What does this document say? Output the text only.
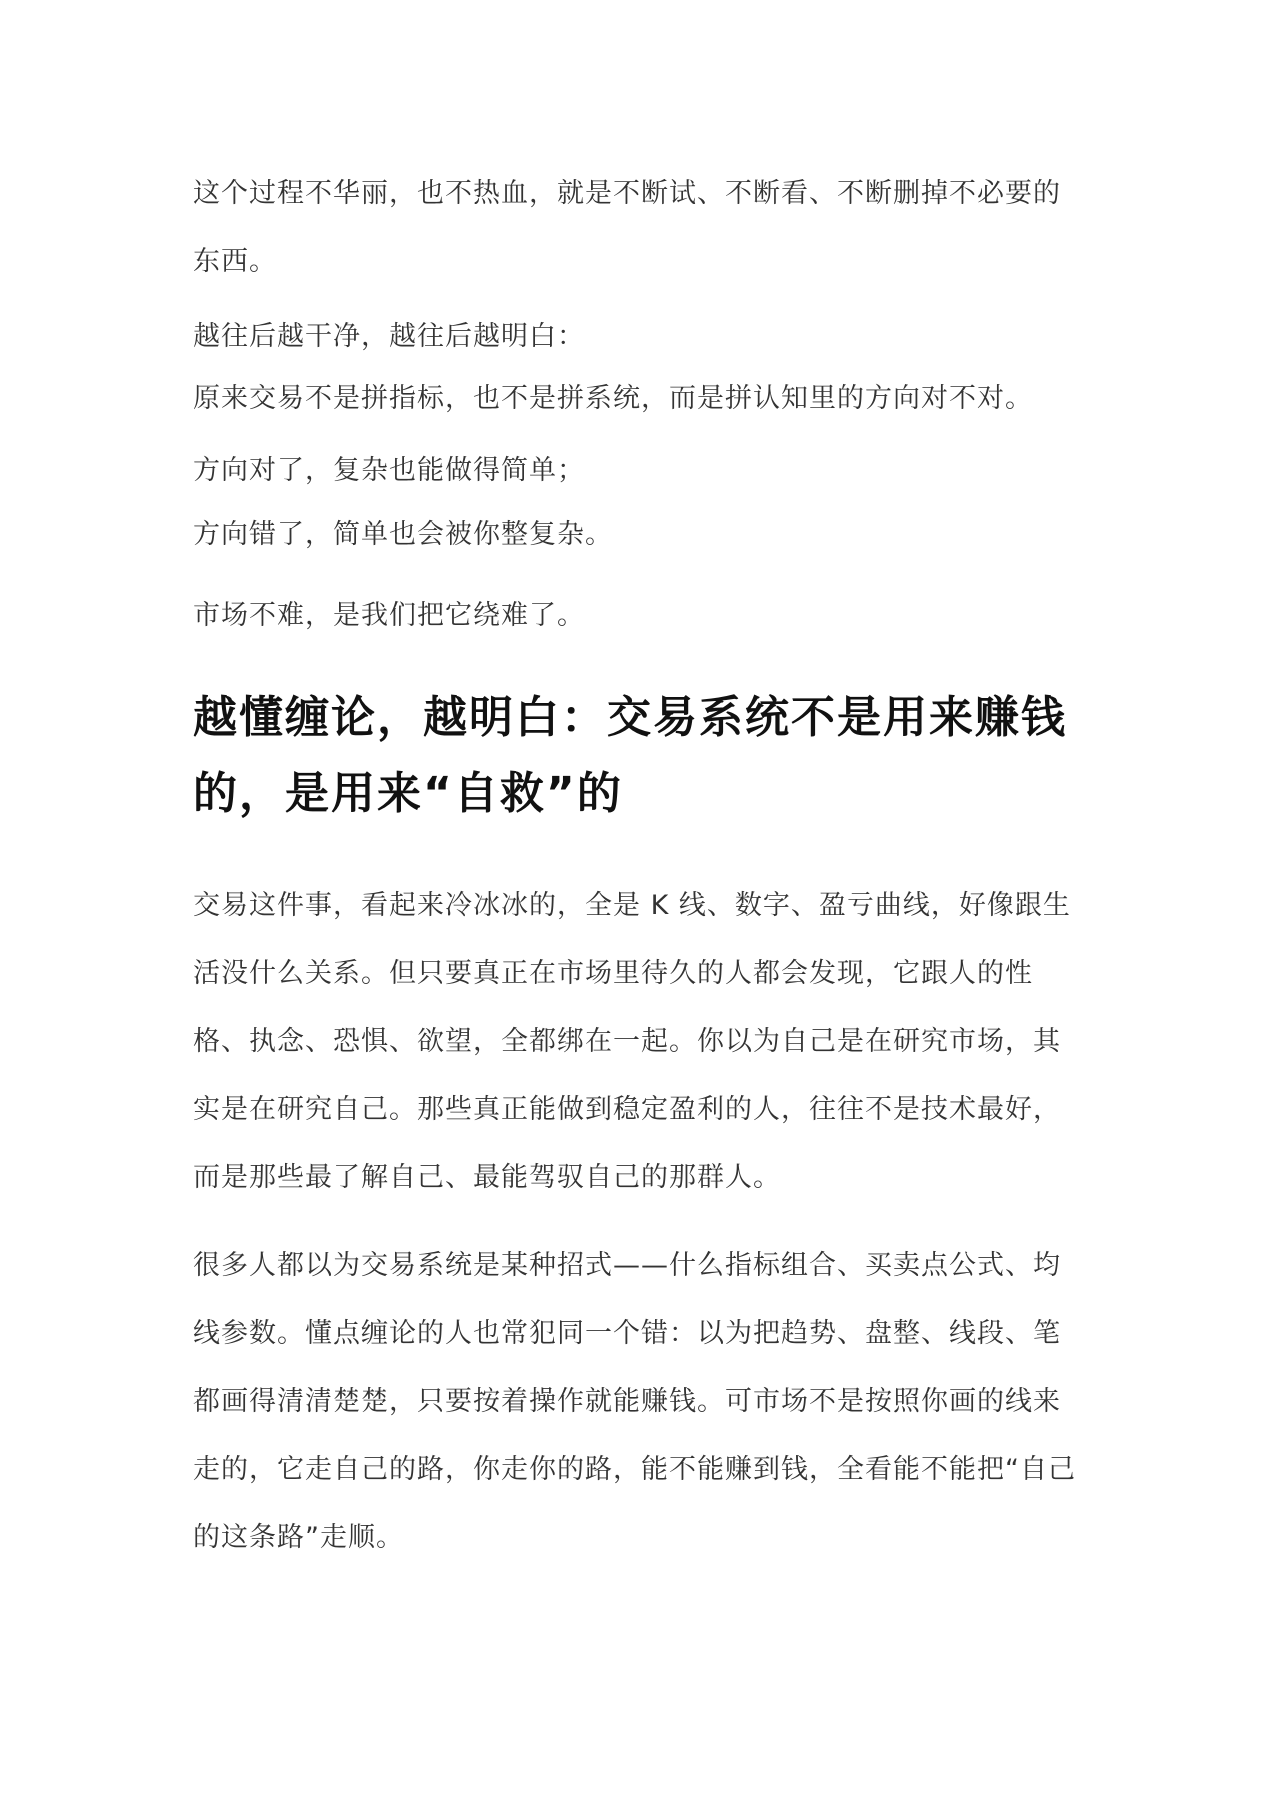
这个过程不华丽，也不热血，就是不断试、不断看、不断删掉不必要的东西。

越往后越干净，越往后越明白：

原来交易不是拼指标，也不是拼系统，而是拼认知里的方向对不对。

方向对了，复杂也能做得简单；

方向错了，简单也会被你整复杂。

市场不难，是我们把它绕难了。

越懂缠论，越明白：交易系统不是用来赚钱的，是用来“自救”的

交易这件事，看起来冷冰冰的，全是 K 线、数字、盈亏曲线，好像跟生活没什么关系。但只要真正在市场里待久的人都会发现，它跟人的性格、执念、恐惧、欲望，全都绑在一起。你以为自己是在研究市场，其实是在研究自己。那些真正能做到稳定盈利的人，往往不是技术最好，而是那些最了解自己、最能驾驭自己的那群人。

很多人都以为交易系统是某种招式——什么指标组合、买卖点公式、均线参数。懂点缠论的人也常犯同一个错：以为把趋势、盘整、线段、笔都画得清清楚楚，只要按着操作就能赚钱。可市场不是按照你画的线来走的，它走自己的路，你走你的路，能不能赚到钱，全看能不能把“自己的这条路”走顺。
